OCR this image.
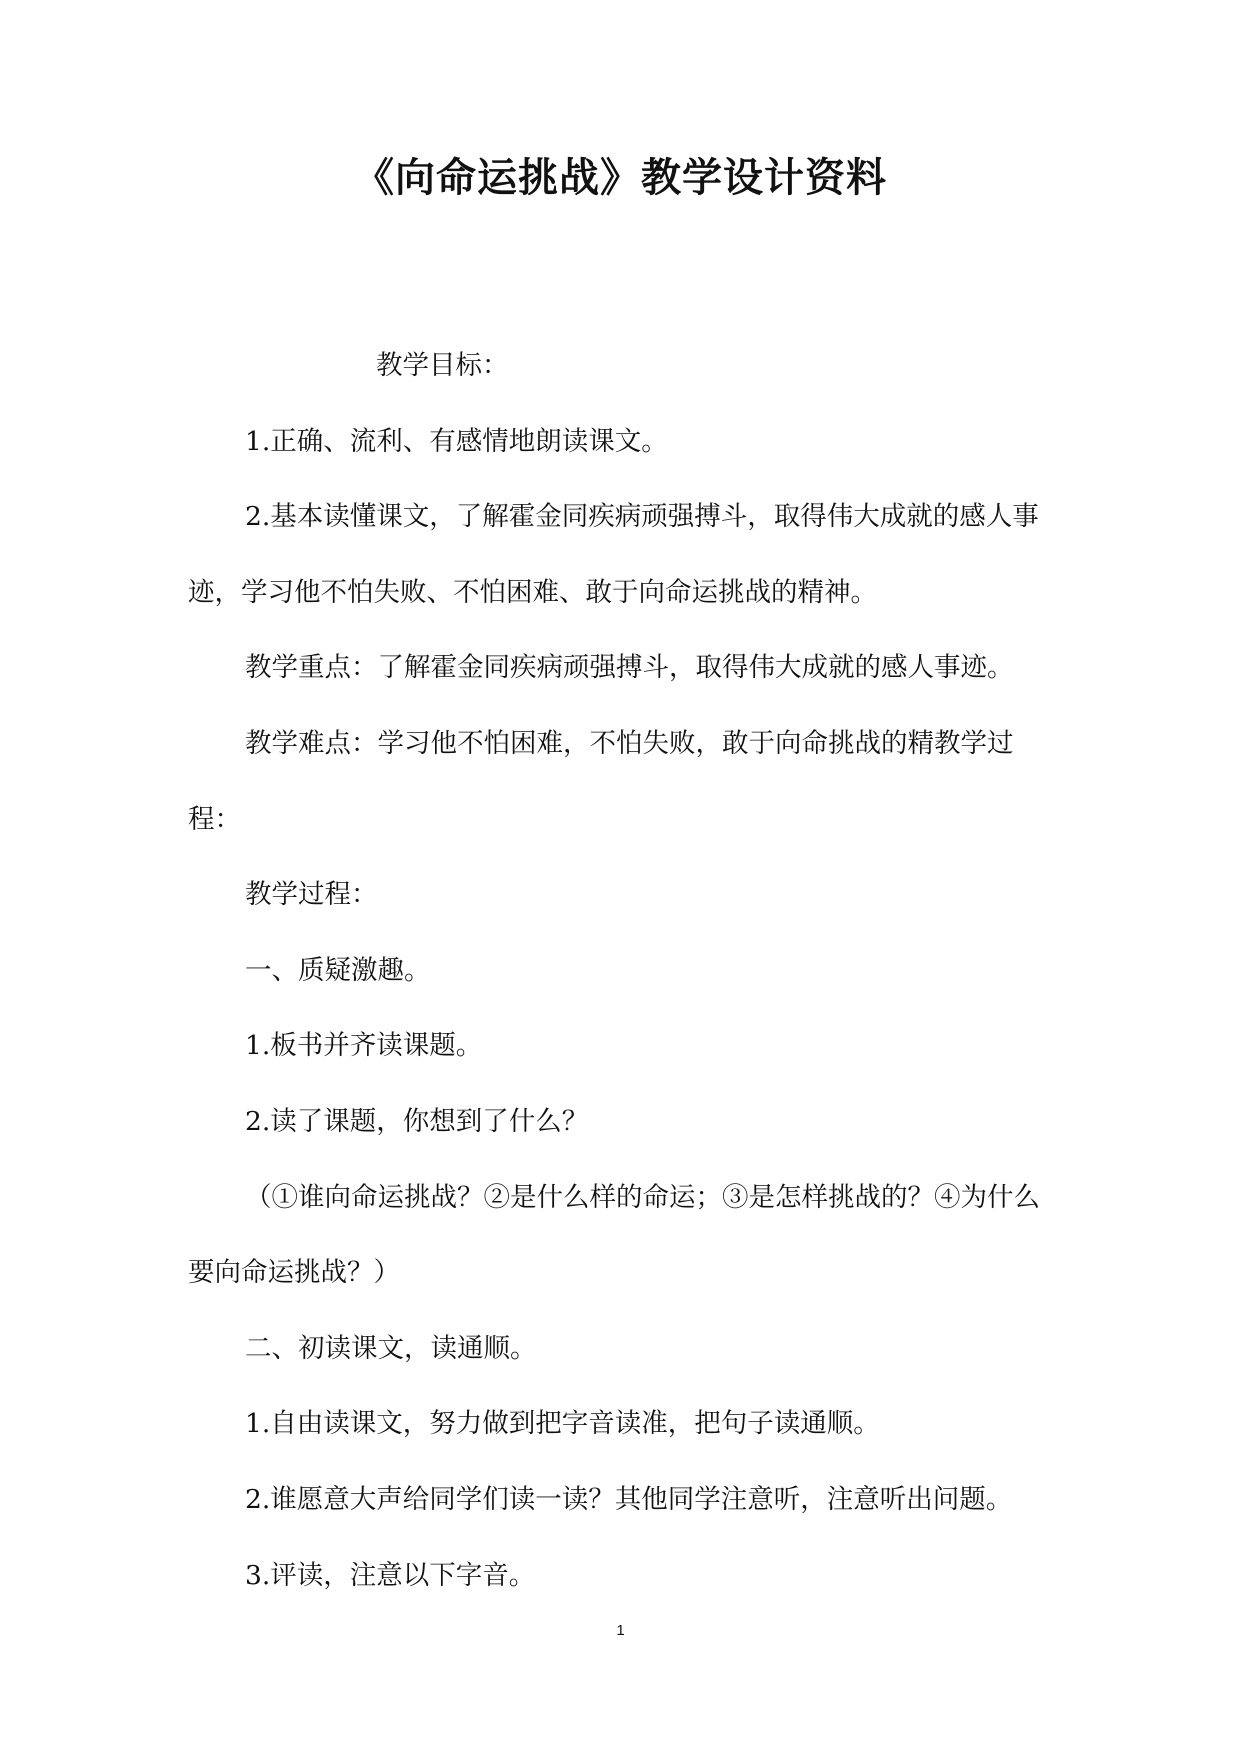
《向命运挑战》教学设计资料

教学目标：

1.正确、流利、有感情地朗读课文。

2.基本读懂课文，了解霍金同疾病顽强搏斗，取得伟大成就的感人事迹，学习他不怕失败、不怕困难、敢于向命运挑战的精神。

教学重点：了解霍金同疾病顽强搏斗，取得伟大成就的感人事迹。

教学难点：学习他不怕困难，不怕失败，敢于向命挑战的精教学过程：

教学过程：

一、质疑激趣。

1.板书并齐读课题。

2.读了课题，你想到了什么？

（①谁向命运挑战？②是什么样的命运；③是怎样挑战的？④为什么要向命运挑战？）

二、初读课文，读通顺。

1.自由读课文，努力做到把字音读准，把句子读通顺。

2.谁愿意大声给同学们读一读？其他同学注意听，注意听出问题。

3.评读，注意以下字音。

1
